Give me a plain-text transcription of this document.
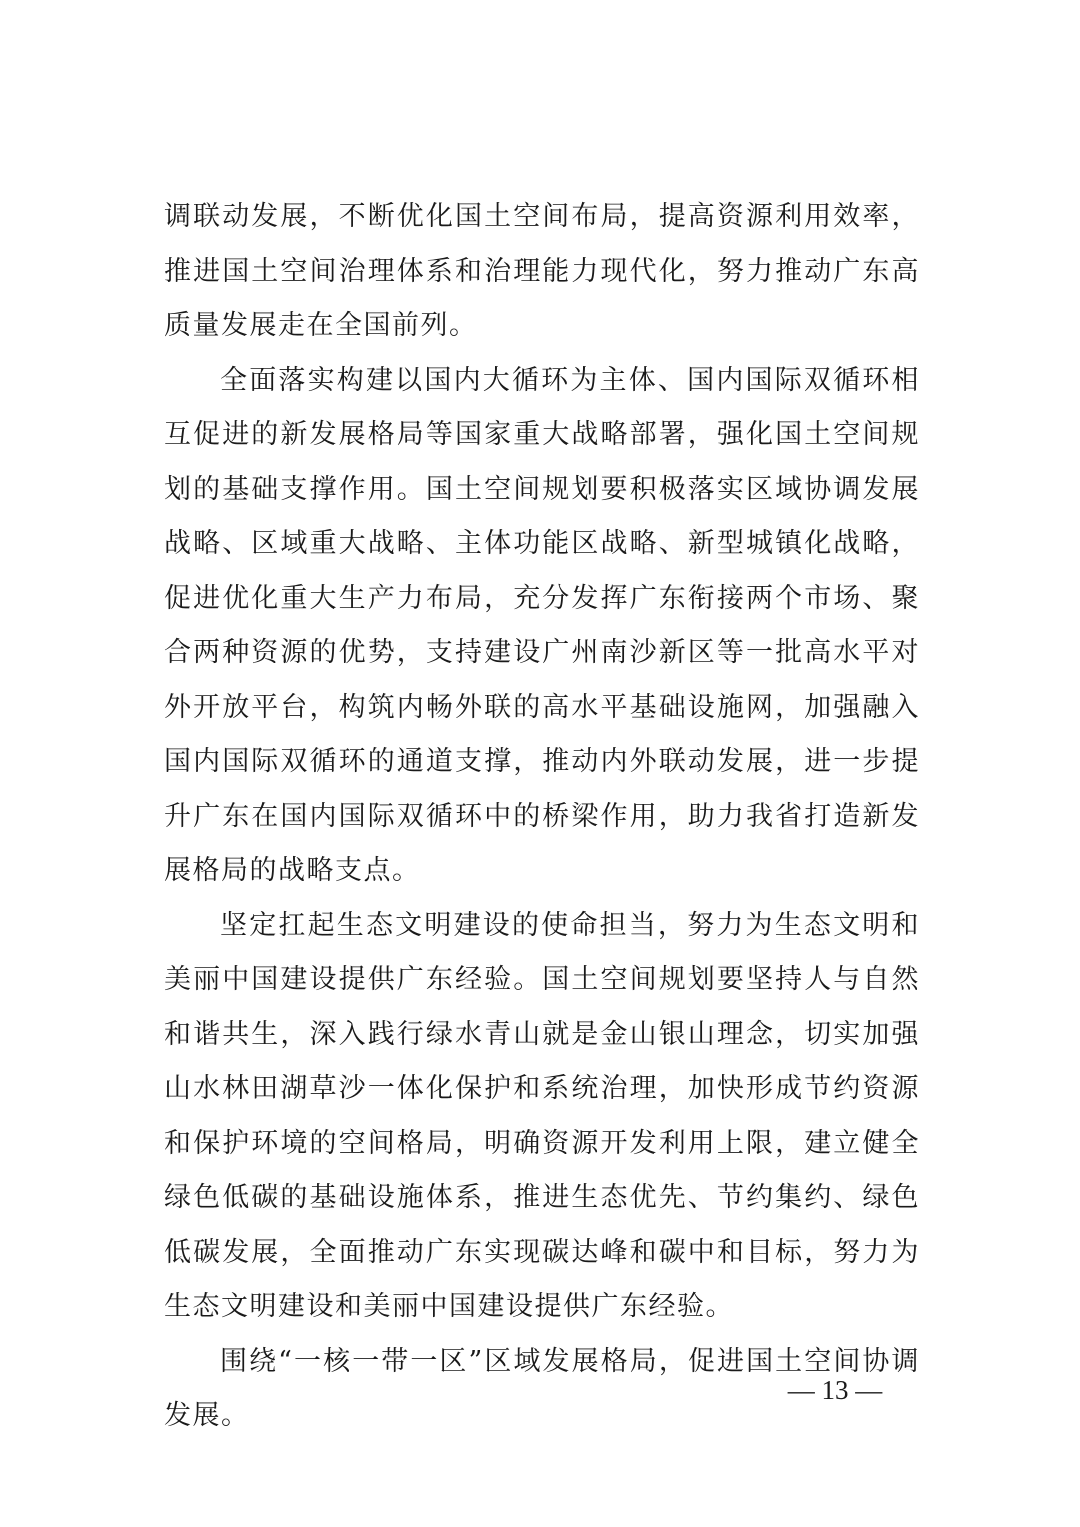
调联动发展，不断优化国土空间布局，提高资源利用效率，推进国土空间治理体系和治理能力现代化，努力推动广东高质量发展走在全国前列。

全面落实构建以国内大循环为主体、国内国际双循环相互促进的新发展格局等国家重大战略部署，强化国土空间规划的基础支撑作用。国土空间规划要积极落实区域协调发展战略、区域重大战略、主体功能区战略、新型城镇化战略，促进优化重大生产力布局，充分发挥广东衔接两个市场、聚合两种资源的优势，支持建设广州南沙新区等一批高水平对外开放平台，构筑内畅外联的高水平基础设施网，加强融入国内国际双循环的通道支撑，推动内外联动发展，进一步提升广东在国内国际双循环中的桥梁作用，助力我省打造新发展格局的战略支点。

坚定扛起生态文明建设的使命担当，努力为生态文明和美丽中国建设提供广东经验。国土空间规划要坚持人与自然和谐共生，深入践行绿水青山就是金山银山理念，切实加强山水林田湖草沙一体化保护和系统治理，加快形成节约资源和保护环境的空间格局，明确资源开发利用上限，建立健全绿色低碳的基础设施体系，推进生态优先、节约集约、绿色低碳发展，全面推动广东实现碳达峰和碳中和目标，努力为生态文明建设和美丽中国建设提供广东经验。

围绕“一核一带一区”区域发展格局，促进国土空间协调发展。

— 13 —
